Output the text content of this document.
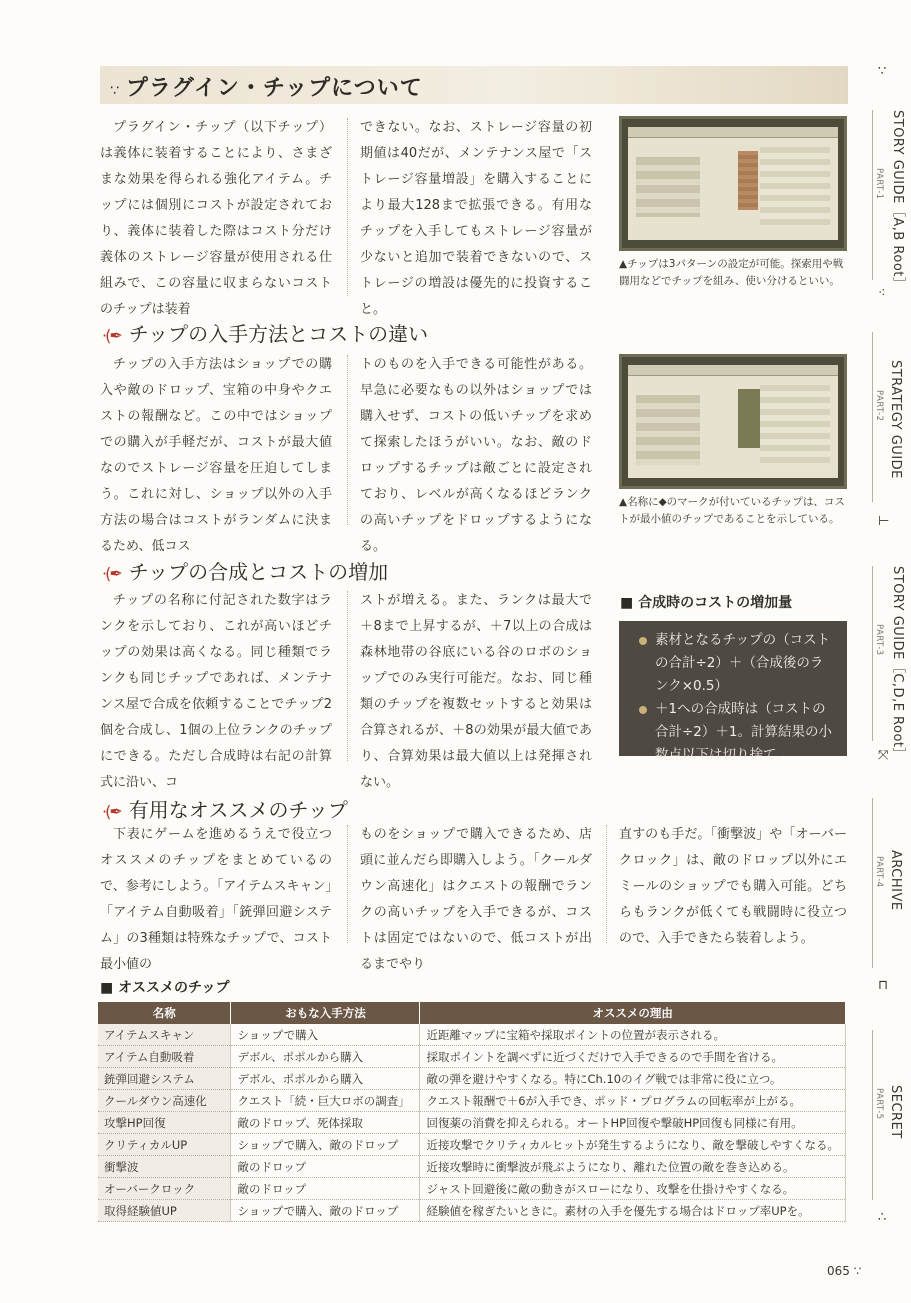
∵ プラグイン・チップについて

プラグイン・チップ（以下チップ）は義体に装着することにより、さまざまな効果を得られる強化アイテム。チップには個別にコストが設定されており、義体に装着した際はコスト分だけ義体のストレージ容量が使用される仕組みで、この容量に収まらないコストのチップは装着

できない。なお、ストレージ容量の初期値は40だが、メンテナンス屋で「ストレージ容量増設」を購入することにより最大128まで拡張できる。有用なチップを入手してもストレージ容量が少ないと追加で装着できないので、ストレージの増設は優先的に投資すること。

▲チップは3パターンの設定が可能。探索用や戦闘用などでチップを組み、使い分けるといい。
·(✒ チップの入手方法とコストの違い

チップの入手方法はショップでの購入や敵のドロップ、宝箱の中身やクエストの報酬など。この中ではショップでの購入が手軽だが、コストが最大値なのでストレージ容量を圧迫してしまう。これに対し、ショップ以外の入手方法の場合はコストがランダムに決まるため、低コス

トのものを入手できる可能性がある。早急に必要なもの以外はショップでは購入せず、コストの低いチップを求めて探索したほうがいい。なお、敵のドロップするチップは敵ごとに設定されており、レベルが高くなるほどランクの高いチップをドロップするようになる。

▲名称に◆のマークが付いているチップは、コストが最小値のチップであることを示している。
·(✒ チップの合成とコストの増加

チップの名称に付記された数字はランクを示しており、これが高いほどチップの効果は高くなる。同じ種類でランクも同じチップであれば、メンテナンス屋で合成を依頼することでチップ2個を合成し、1個の上位ランクのチップにできる。ただし合成時は右記の計算式に沿い、コ

ストが増える。また、ランクは最大で＋8まで上昇するが、＋7以上の合成は森林地帯の谷底にいる谷のロボのショップでのみ実行可能だ。なお、同じ種類のチップを複数セットすると効果は合算されるが、＋8の効果が最大値であり、合算効果は最大値以上は発揮されない。

■ 合成時のコストの増加量
素材となるチップの（コストの合計÷2）＋（合成後のランク×0.5）
＋1への合成時は（コストの合計÷2）＋1。計算結果の小数点以下は切り捨て。
·(✒ 有用なオススメのチップ

下表にゲームを進めるうえで役立つオススメのチップをまとめているので、参考にしよう。「アイテムスキャン」「アイテム自動吸着」「銃弾回避システム」の3種類は特殊なチップで、コスト最小値の

ものをショップで購入できるため、店頭に並んだら即購入しよう。「クールダウン高速化」はクエストの報酬でランクの高いチップを入手できるが、コストは固定ではないので、低コストが出るまでやり

直すのも手だ。「衝撃波」や「オーバークロック」は、敵のドロップ以外にエミールのショップでも購入可能。どちらもランクが低くても戦闘時に役立つので、入手できたら装着しよう。

■ オススメのチップ
名称	おもな入手方法	オススメの理由
アイテムスキャン	ショップで購入	近距離マップに宝箱や採取ポイントの位置が表示される。
アイテム自動吸着	デボル、ポポルから購入	採取ポイントを調べずに近づくだけで入手できるので手間を省ける。
銃弾回避システム	デボル、ポポルから購入	敵の弾を避けやすくなる。特にCh.10のイグ戦では非常に役に立つ。
クールダウン高速化	クエスト「続・巨大ロボの調査」	クエスト報酬で＋6が入手でき、ポッド・プログラムの回転率が上がる。
攻撃HP回復	敵のドロップ、死体採取	回復薬の消費を抑えられる。オートHP回復や撃破HP回復も同様に有用。
クリティカルUP	ショップで購入、敵のドロップ	近接攻撃でクリティカルヒットが発生するようになり、敵を撃破しやすくなる。
衝撃波	敵のドロップ	近接攻撃時に衝撃波が飛ぶようになり、離れた位置の敵を巻き込める。
オーバークロック	敵のドロップ	ジャスト回避後に敵の動きがスローになり、攻撃を仕掛けやすくなる。
取得経験値UP	ショップで購入、敵のドロップ	経験値を稼ぎたいときに。素材の入手を優先する場合はドロップ率UPを。
∵
STORY GUIDE［A,B Root］
PART-1
⁖
STRATEGY GUIDE
PART-2
⊢
STORY GUIDE［C,D,E Root］
PART-3
⤧
ARCHIVE
PART-4
⊓
SECRET
PART-5
∴
065 ∵
